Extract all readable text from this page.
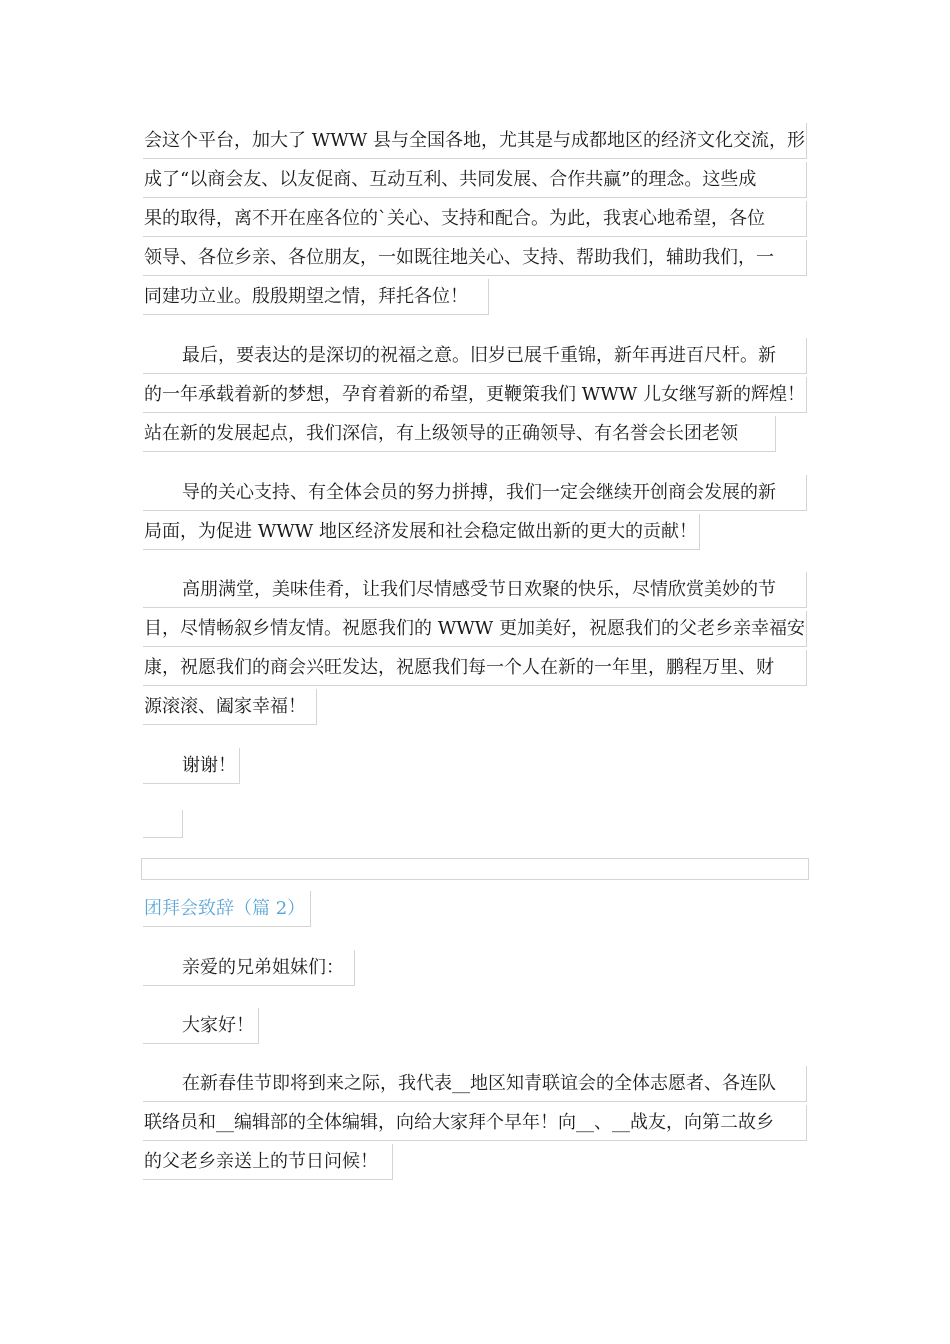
会这个平台，加大了 WWW 县与全国各地，尤其是与成都地区的经济文化交流，形
成了“以商会友、以友促商、互动互利、共同发展、合作共赢”的理念。这些成
果的取得，离不开在座各位的`关心、支持和配合。为此，我衷心地希望，各位
领导、各位乡亲、各位朋友，一如既往地关心、支持、帮助我们，辅助我们，一
同建功立业。殷殷期望之情，拜托各位！
最后，要表达的是深切的祝福之意。旧岁已展千重锦，新年再进百尺杆。新
的一年承载着新的梦想，孕育着新的希望，更鞭策我们 WWW 儿女继写新的辉煌！
站在新的发展起点，我们深信，有上级领导的正确领导、有名誉会长团老领
导的关心支持、有全体会员的努力拼搏，我们一定会继续开创商会发展的新
局面，为促进 WWW 地区经济发展和社会稳定做出新的更大的贡献！
高朋满堂，美味佳肴，让我们尽情感受节日欢聚的快乐，尽情欣赏美妙的节
目，尽情畅叙乡情友情。祝愿我们的 WWW 更加美好，祝愿我们的父老乡亲幸福安
康，祝愿我们的商会兴旺发达，祝愿我们每一个人在新的一年里，鹏程万里、财
源滚滚、阖家幸福！
谢谢！
团拜会致辞（篇 2）
亲爱的兄弟姐妹们：
大家好！
在新春佳节即将到来之际，我代表__地区知青联谊会的全体志愿者、各连队
联络员和__编辑部的全体编辑，向给大家拜个早年！向__、__战友，向第二故乡
的父老乡亲送上的节日问候！
